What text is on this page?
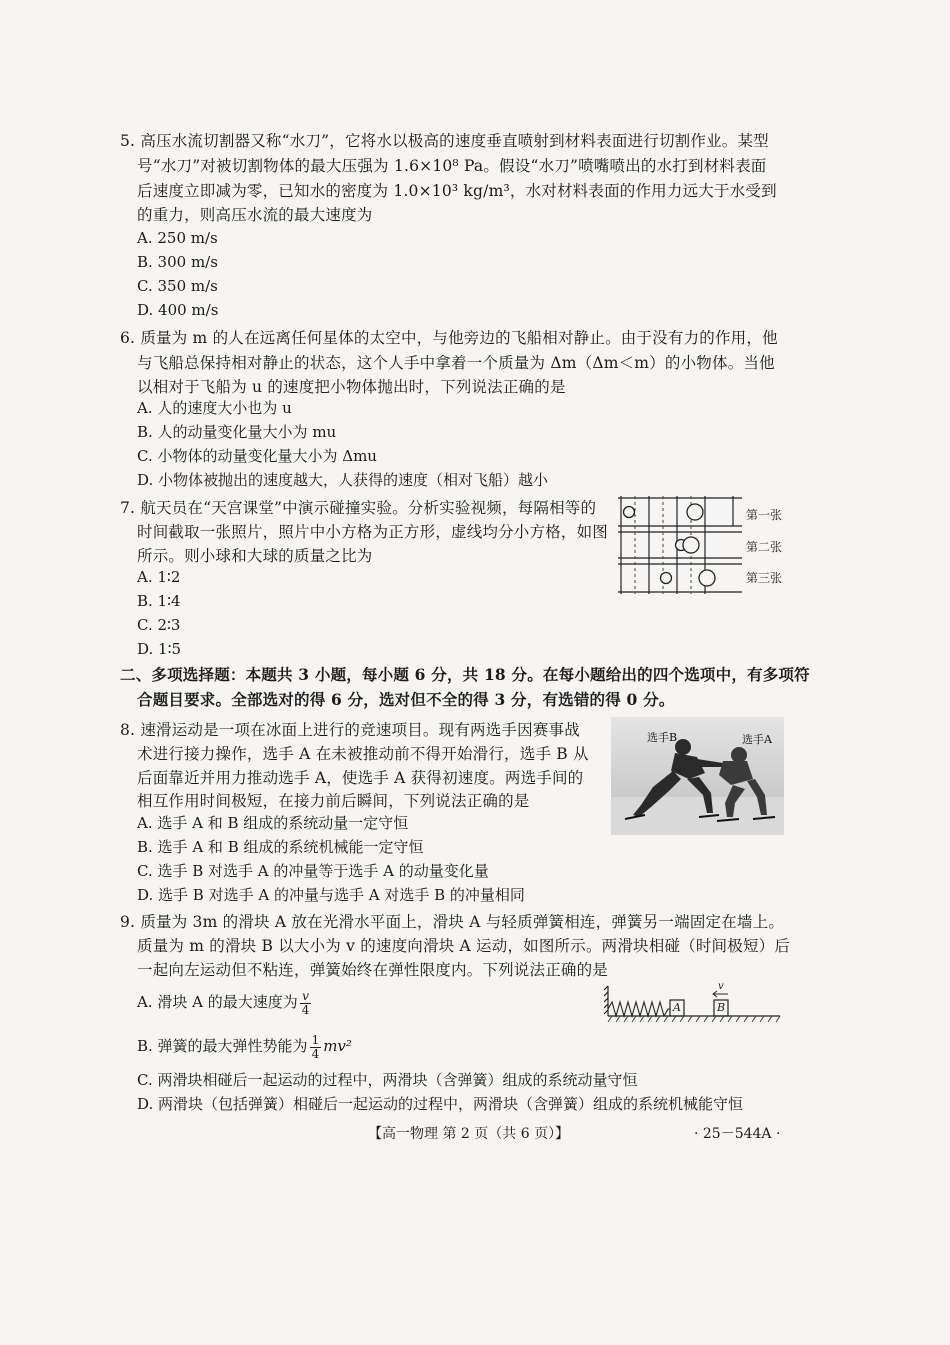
5. 高压水流切割器又称“水刀”，它将水以极高的速度垂直喷射到材料表面进行切割作业。某型
号“水刀”对被切割物体的最大压强为 1.6×10⁸ Pa。假设“水刀”喷嘴喷出的水打到材料表面
后速度立即减为零，已知水的密度为 1.0×10³ kg/m³，水对材料表面的作用力远大于水受到
的重力，则高压水流的最大速度为
A. 250 m/s
B. 300 m/s
C. 350 m/s
D. 400 m/s
6. 质量为 m 的人在远离任何星体的太空中，与他旁边的飞船相对静止。由于没有力的作用，他
与飞船总保持相对静止的状态，这个人手中拿着一个质量为 Δm（Δm＜m）的小物体。当他
以相对于飞船为 u 的速度把小物体抛出时，下列说法正确的是
A. 人的速度大小也为 u
B. 人的动量变化量大小为 mu
C. 小物体的动量变化量大小为 Δmu
D. 小物体被抛出的速度越大，人获得的速度（相对飞船）越小
7. 航天员在“天宫课堂”中演示碰撞实验。分析实验视频，每隔相等的
时间截取一张照片，照片中小方格为正方形，虚线均分小方格，如图
所示。则小球和大球的质量之比为
A. 1∶2
B. 1∶4
C. 2∶3
D. 1∶5
第一张
第二张
第三张
二、多项选择题：本题共 3 小题，每小题 6 分，共 18 分。在每小题给出的四个选项中，有多项符
合题目要求。全部选对的得 6 分，选对但不全的得 3 分，有选错的得 0 分。
8. 速滑运动是一项在冰面上进行的竞速项目。现有两选手因赛事战
术进行接力操作，选手 A 在未被推动前不得开始滑行，选手 B 从
后面靠近并用力推动选手 A，使选手 A 获得初速度。两选手间的
相互作用时间极短，在接力前后瞬间，下列说法正确的是
A. 选手 A 和 B 组成的系统动量一定守恒
B. 选手 A 和 B 组成的系统机械能一定守恒
C. 选手 B 对选手 A 的冲量等于选手 A 的动量变化量
D. 选手 B 对选手 A 的冲量与选手 A 对选手 B 的冲量相同
选手B	选手A
9. 质量为 3m 的滑块 A 放在光滑水平面上，滑块 A 与轻质弹簧相连，弹簧另一端固定在墙上。
质量为 m 的滑块 B 以大小为 v 的速度向滑块 A 运动，如图所示。两滑块相碰（时间极短）后
一起向左运动但不粘连，弹簧始终在弹性限度内。下列说法正确的是
A. 滑块 A 的最大速度为 $\frac{v}{4}$
B. 弹簧的最大弹性势能为 $\frac{1}{4} mv^2$
C. 两滑块相碰后一起运动的过程中，两滑块（含弹簧）组成的系统动量守恒
D. 两滑块（包括弹簧）相碰后一起运动的过程中，两滑块（含弹簧）组成的系统机械能守恒
A	B
v
【高一物理 第 2 页（共 6 页）】	· 25－544A ·
